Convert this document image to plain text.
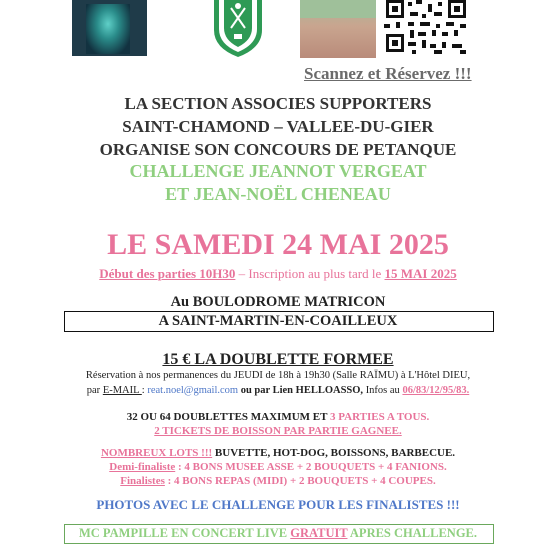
Scannez et Réservez !!!
LA SECTION ASSOCIES SUPPORTERS
SAINT-CHAMOND – VALLEE-DU-GIER
ORGANISE SON CONCOURS DE PETANQUE
CHALLENGE JEANNOT VERGEAT
ET JEAN-NOËL CHENEAU
LE SAMEDI 24 MAI 2025
Début des parties 10H30 – Inscription au plus tard le 15 MAI 2025
Au BOULODROME MATRICON
A SAINT-MARTIN-EN-COAILLEUX
15 € LA DOUBLETTE FORMEE
Réservation à nos permanences du JEUDI de 18h à 19h30 (Salle RAÏMU) à L'Hôtel DIEU,
par E-MAIL : reat.noel@gmail.com ou par Lien HELLOASSO, Infos au 06/83/12/95/83.
32 OU 64 DOUBLETTES MAXIMUM ET 3 PARTIES A TOUS.
2 TICKETS DE BOISSON PAR PARTIE GAGNEE.
NOMBREUX LOTS !!! BUVETTE, HOT-DOG, BOISSONS, BARBECUE.
Demi-finaliste : 4 BONS MUSEE ASSE + 2 BOUQUETS + 4 FANIONS.
Finalistes : 4 BONS REPAS (MIDI) + 2 BOUQUETS + 4 COUPES.
PHOTOS AVEC LE CHALLENGE POUR LES FINALISTES !!!
MC PAMPILLE EN CONCERT LIVE GRATUIT APRES CHALLENGE.
